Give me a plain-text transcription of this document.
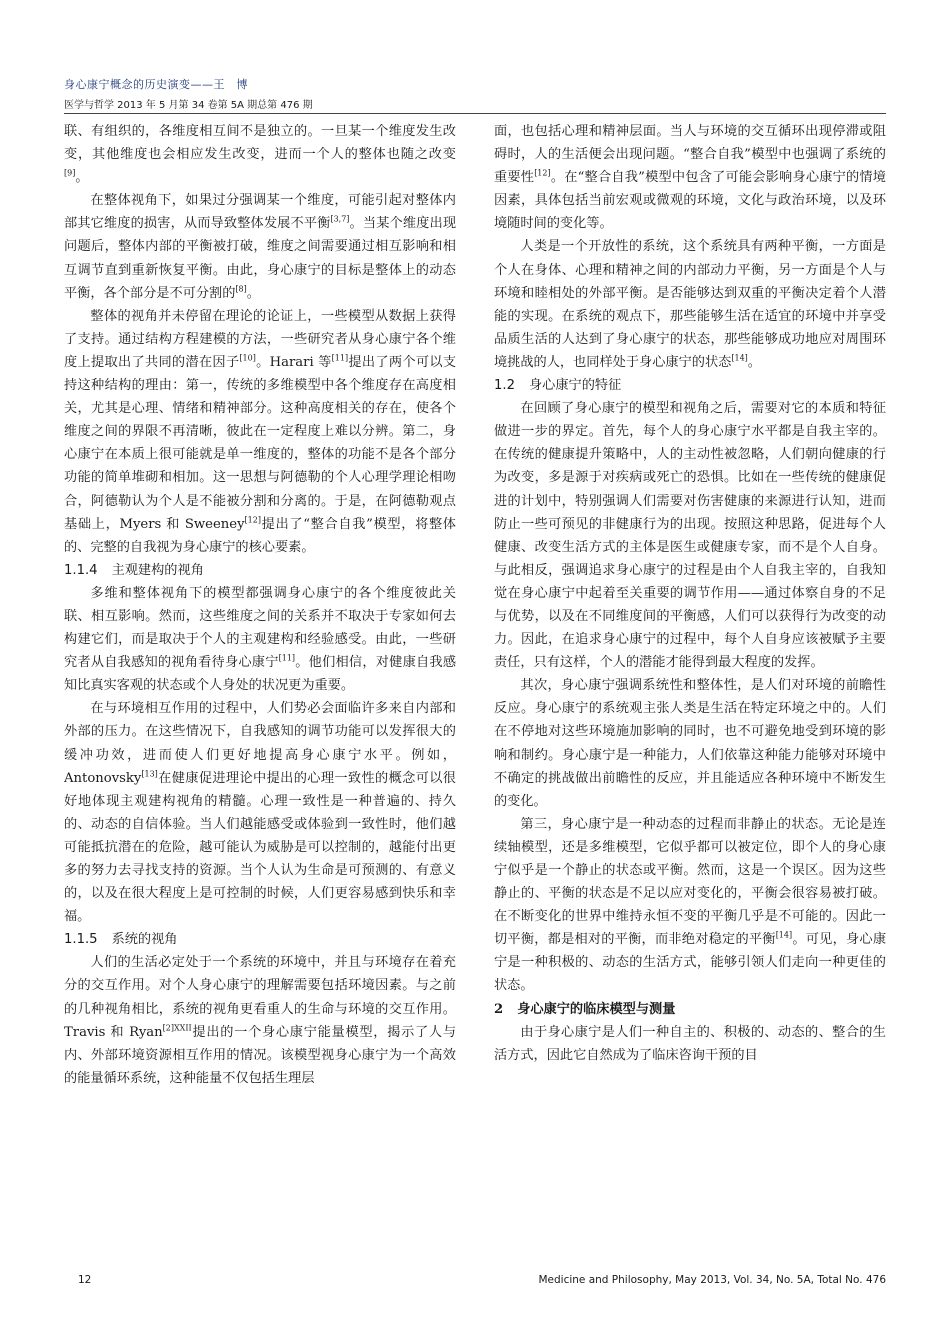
身心康宁概念的历史演变——王　博
医学与哲学 2013 年 5 月第 34 卷第 5A 期总第 476 期

联、有组织的，各维度相互间不是独立的。一旦某一个维度发生改变，其他维度也会相应发生改变，进而一个人的整体也随之改变[9]。

在整体视角下，如果过分强调某一个维度，可能引起对整体内部其它维度的损害，从而导致整体发展不平衡[3,7]。当某个维度出现问题后，整体内部的平衡被打破，维度之间需要通过相互影响和相互调节直到重新恢复平衡。由此，身心康宁的目标是整体上的动态平衡，各个部分是不可分割的[8]。

整体的视角并未停留在理论的论证上，一些模型从数据上获得了支持。通过结构方程建模的方法，一些研究者从身心康宁各个维度上提取出了共同的潜在因子[10]。Harari 等[11]提出了两个可以支持这种结构的理由：第一，传统的多维模型中各个维度存在高度相关，尤其是心理、情绪和精神部分。这种高度相关的存在，使各个维度之间的界限不再清晰，彼此在一定程度上难以分辨。第二，身心康宁在本质上很可能就是单一维度的，整体的功能不是各个部分功能的简单堆砌和相加。这一思想与阿德勒的个人心理学理论相吻合，阿德勒认为个人是不能被分割和分离的。于是，在阿德勒观点基础上，Myers 和 Sweeney[12]提出了“整合自我”模型，将整体的、完整的自我视为身心康宁的核心要素。

1.1.4 主观建构的视角

多维和整体视角下的模型都强调身心康宁的各个维度彼此关联、相互影响。然而，这些维度之间的关系并不取决于专家如何去构建它们，而是取决于个人的主观建构和经验感受。由此，一些研究者从自我感知的视角看待身心康宁[11]。他们相信，对健康自我感知比真实客观的状态或个人身处的状况更为重要。

在与环境相互作用的过程中，人们势必会面临许多来自内部和外部的压力。在这些情况下，自我感知的调节功能可以发挥很大的缓冲功效，进而使人们更好地提高身心康宁水平。例如，Antonovsky[13]在健康促进理论中提出的心理一致性的概念可以很好地体现主观建构视角的精髓。心理一致性是一种普遍的、持久的、动态的自信体验。当人们越能感受或体验到一致性时，他们越可能抵抗潜在的危险，越可能认为威胁是可以控制的，越能付出更多的努力去寻找支持的资源。当个人认为生命是可预测的、有意义的，以及在很大程度上是可控制的时候，人们更容易感到快乐和幸福。

1.1.5 系统的视角

人们的生活必定处于一个系统的环境中，并且与环境存在着充分的交互作用。对个人身心康宁的理解需要包括环境因素。与之前的几种视角相比，系统的视角更看重人的生命与环境的交互作用。Travis 和 Ryan$^{[2]XXII}$提出的一个身心康宁能量模型，揭示了人与内、外部环境资源相互作用的情况。该模型视身心康宁为一个高效的能量循环系统，这种能量不仅包括生理层

面，也包括心理和精神层面。当人与环境的交互循环出现停滞或阻碍时，人的生活便会出现问题。“整合自我”模型中也强调了系统的重要性[12]。在“整合自我”模型中包含了可能会影响身心康宁的情境因素，具体包括当前宏观或微观的环境，文化与政治环境，以及环境随时间的变化等。

人类是一个开放性的系统，这个系统具有两种平衡，一方面是个人在身体、心理和精神之间的内部动力平衡，另一方面是个人与环境和睦相处的外部平衡。是否能够达到双重的平衡决定着个人潜能的实现。在系统的观点下，那些能够生活在适宜的环境中并享受品质生活的人达到了身心康宁的状态，那些能够成功地应对周围环境挑战的人，也同样处于身心康宁的状态[14]。

1.2 身心康宁的特征

在回顾了身心康宁的模型和视角之后，需要对它的本质和特征做进一步的界定。首先，每个人的身心康宁水平都是自我主宰的。在传统的健康提升策略中，人的主动性被忽略，人们朝向健康的行为改变，多是源于对疾病或死亡的恐惧。比如在一些传统的健康促进的计划中，特别强调人们需要对伤害健康的来源进行认知，进而防止一些可预见的非健康行为的出现。按照这种思路，促进每个人健康、改变生活方式的主体是医生或健康专家，而不是个人自身。与此相反，强调追求身心康宁的过程是由个人自我主宰的，自我知觉在身心康宁中起着至关重要的调节作用——通过体察自身的不足与优势，以及在不同维度间的平衡感，人们可以获得行为改变的动力。因此，在追求身心康宁的过程中，每个人自身应该被赋予主要责任，只有这样，个人的潜能才能得到最大程度的发挥。

其次，身心康宁强调系统性和整体性，是人们对环境的前瞻性反应。身心康宁的系统观主张人类是生活在特定环境之中的。人们在不停地对这些环境施加影响的同时，也不可避免地受到环境的影响和制约。身心康宁是一种能力，人们依靠这种能力能够对环境中不确定的挑战做出前瞻性的反应，并且能适应各种环境中不断发生的变化。

第三，身心康宁是一种动态的过程而非静止的状态。无论是连续轴模型，还是多维模型，它似乎都可以被定位，即个人的身心康宁似乎是一个静止的状态或平衡。然而，这是一个误区。因为这些静止的、平衡的状态是不足以应对变化的，平衡会很容易被打破。在不断变化的世界中维持永恒不变的平衡几乎是不可能的。因此一切平衡，都是相对的平衡，而非绝对稳定的平衡[14]。可见，身心康宁是一种积极的、动态的生活方式，能够引领人们走向一种更佳的状态。

2 身心康宁的临床模型与测量

由于身心康宁是人们一种自主的、积极的、动态的、整合的生活方式，因此它自然成为了临床咨询干预的目

12	Medicine and Philosophy, May 2013, Vol. 34, No. 5A, Total No. 476
